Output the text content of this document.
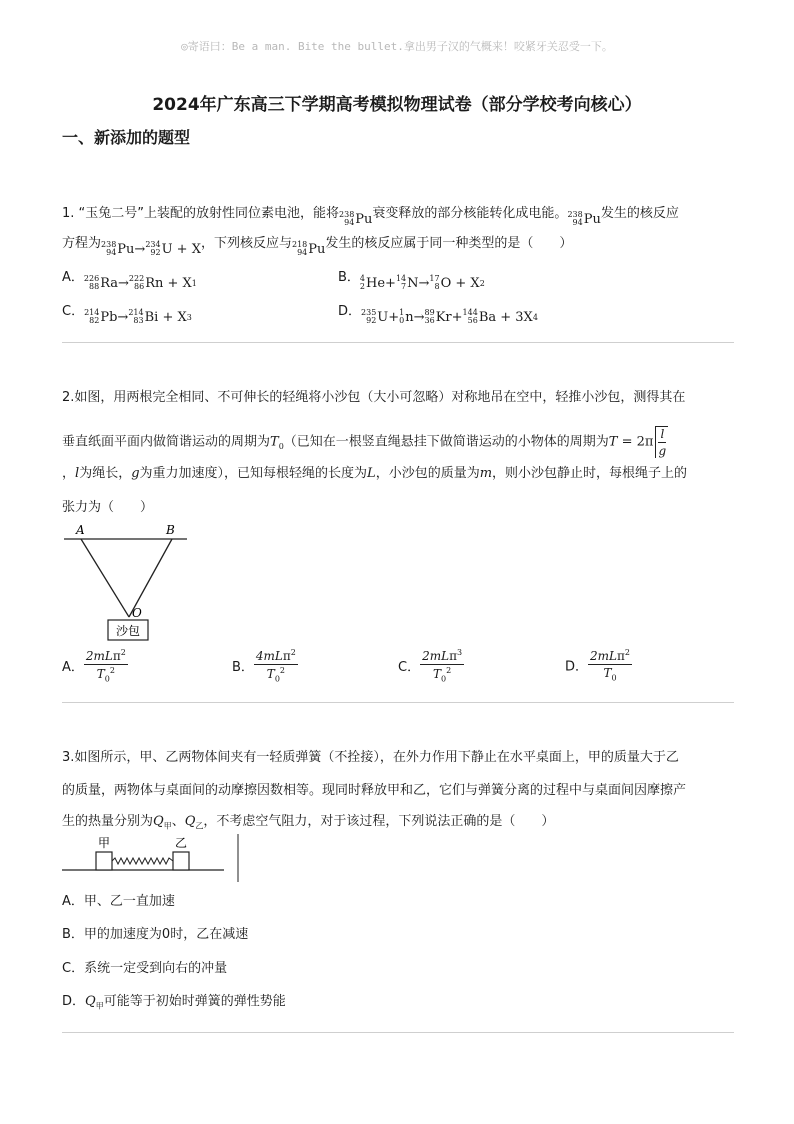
◎寄语曰：Be a man. Bite the bullet.拿出男子汉的气概来！咬紧牙关忍受一下。
2024年广东高三下学期高考模拟物理试卷（部分学校考向核心）
一、新添加的题型
1. “玉兔二号”上装配的放射性同位素电池，能将 238
94 Pu衰变释放的部分核能转化成电能。 238
94 Pu发生的核反应
方程为 238
94 Pu→ 234
92 U + X，下列核反应与 218
94 Pu发生的核反应属于同一种类型的是（　　）
A． 226
88 Ra→ 222
86 Rn + X 1	B． 4
2 He+ 14
7 N→ 17
8 O + X 2
C． 214
82 Pb→ 214
83 Bi + X 3	D． 235
92 U+ 1
0 n→ 89
36 Kr+ 144
56 Ba + 3X 4
2.如图，用两根完全相同、不可伸长的轻绳将小沙包（大小可忽略）对称地吊在空中，轻推小沙包，测得其在
垂直纸面平面内做简谐运动的周期为$T_0$（已知在一根竖直绳悬挂下做简谐运动的小物体的周期为$T = 2\pi \frac{l}{g}$
，l为绳长，g为重力加速度），已知每根轻绳的长度为L，小沙包的质量为m，则小沙包静止时，每根绳子上的
张力为（　　）
A	B
O
沙包
A． $\frac{2mL\pi^2}{T_0^2}$	B． $\frac{4mL\pi^2}{T_0^2}$	C． $\frac{2mL\pi^3}{T_0^2}$	D． $\frac{2mL\pi^2}{T_0}$
3.如图所示，甲、乙两物体间夹有一轻质弹簧（不拴接），在外力作用下静止在水平桌面上，甲的质量大于乙
的质量，两物体与桌面间的动摩擦因数相等。现同时释放甲和乙，它们与弹簧分离的过程中与桌面间因摩擦产
生的热量分别为$Q_甲$、$Q_乙$，不考虑空气阻力，对于该过程，下列说法正确的是（　　）
甲	乙
A．甲、乙一直加速
B．甲的加速度为0时，乙在减速
C．系统一定受到向右的冲量
D．$Q_甲$可能等于初始时弹簧的弹性势能
